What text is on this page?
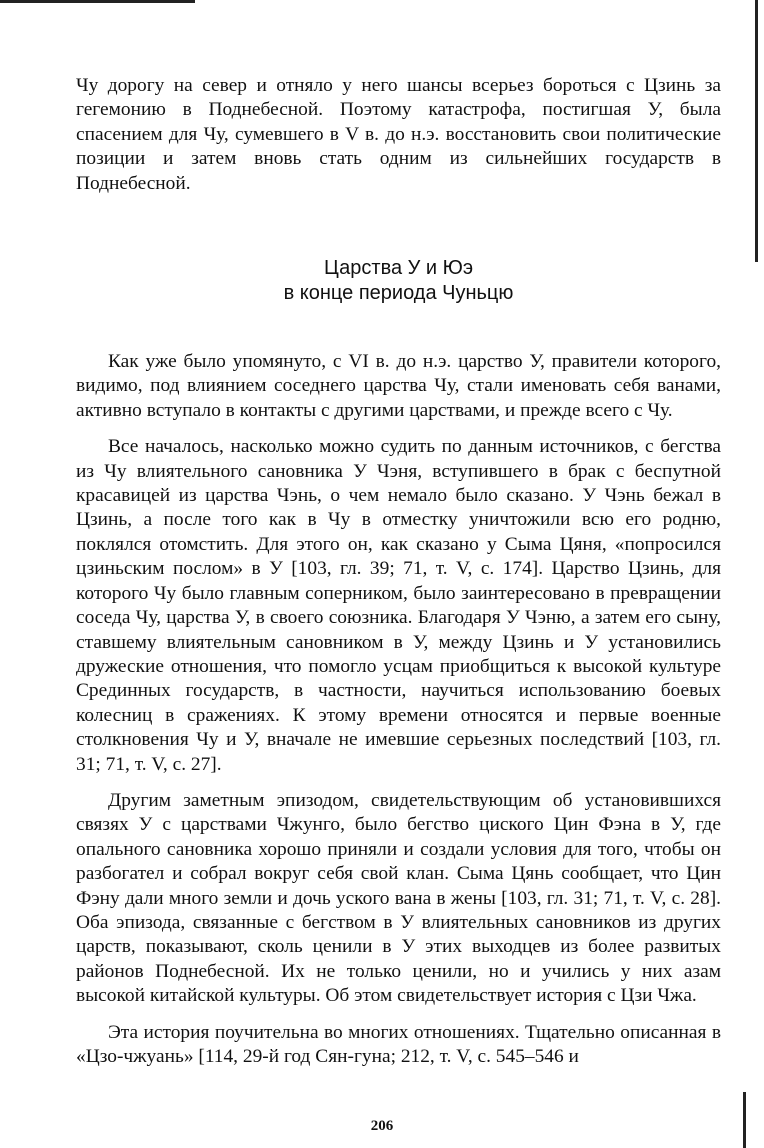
Чу дорогу на север и отняло у него шансы всерьез бороться с Цзинь за гегемонию в Поднебесной. Поэтому катастрофа, постигшая У, была спасением для Чу, сумевшего в V в. до н.э. восстановить свои политические позиции и затем вновь стать одним из сильнейших государств в Поднебесной.

Царства У и Юэ
в конце периода Чуньцю

Как уже было упомянуто, с VI в. до н.э. царство У, правители которого, видимо, под влиянием соседнего царства Чу, стали именовать себя ванами, активно вступало в контакты с другими царствами, и прежде всего с Чу.

Все началось, насколько можно судить по данным источников, с бегства из Чу влиятельного сановника У Чэня, вступившего в брак с беспутной красавицей из царства Чэнь, о чем немало было сказано. У Чэнь бежал в Цзинь, а после того как в Чу в отместку уничтожили всю его родню, поклялся отомстить. Для этого он, как сказано у Сыма Цяня, «попросился цзиньским послом» в У [103, гл. 39; 71, т. V, с. 174]. Царство Цзинь, для которого Чу было главным соперником, было заинтересовано в превращении соседа Чу, царства У, в своего союзника. Благодаря У Чэню, а затем его сыну, ставшему влиятельным сановником в У, между Цзинь и У установились дружеские отношения, что помогло усцам приобщиться к высокой культуре Срединных государств, в частности, научиться использованию боевых колесниц в сражениях. К этому времени относятся и первые военные столкновения Чу и У, вначале не имевшие серьезных последствий [103, гл. 31; 71, т. V, с. 27].

Другим заметным эпизодом, свидетельствующим об установившихся связях У с царствами Чжунго, было бегство циского Цин Фэна в У, где опального сановника хорошо приняли и создали условия для того, чтобы он разбогател и собрал вокруг себя свой клан. Сыма Цянь сообщает, что Цин Фэну дали много земли и дочь уского вана в жены [103, гл. 31; 71, т. V, с. 28]. Оба эпизода, связанные с бегством в У влиятельных сановников из других царств, показывают, сколь ценили в У этих выходцев из более развитых районов Поднебесной. Их не только ценили, но и учились у них азам высокой китайской культуры. Об этом свидетельствует история с Цзи Чжа.

Эта история поучительна во многих отношениях. Тщательно описанная в «Цзо-чжуань» [114, 29-й год Сян-гуна; 212, т. V, с. 545–546 и

206
